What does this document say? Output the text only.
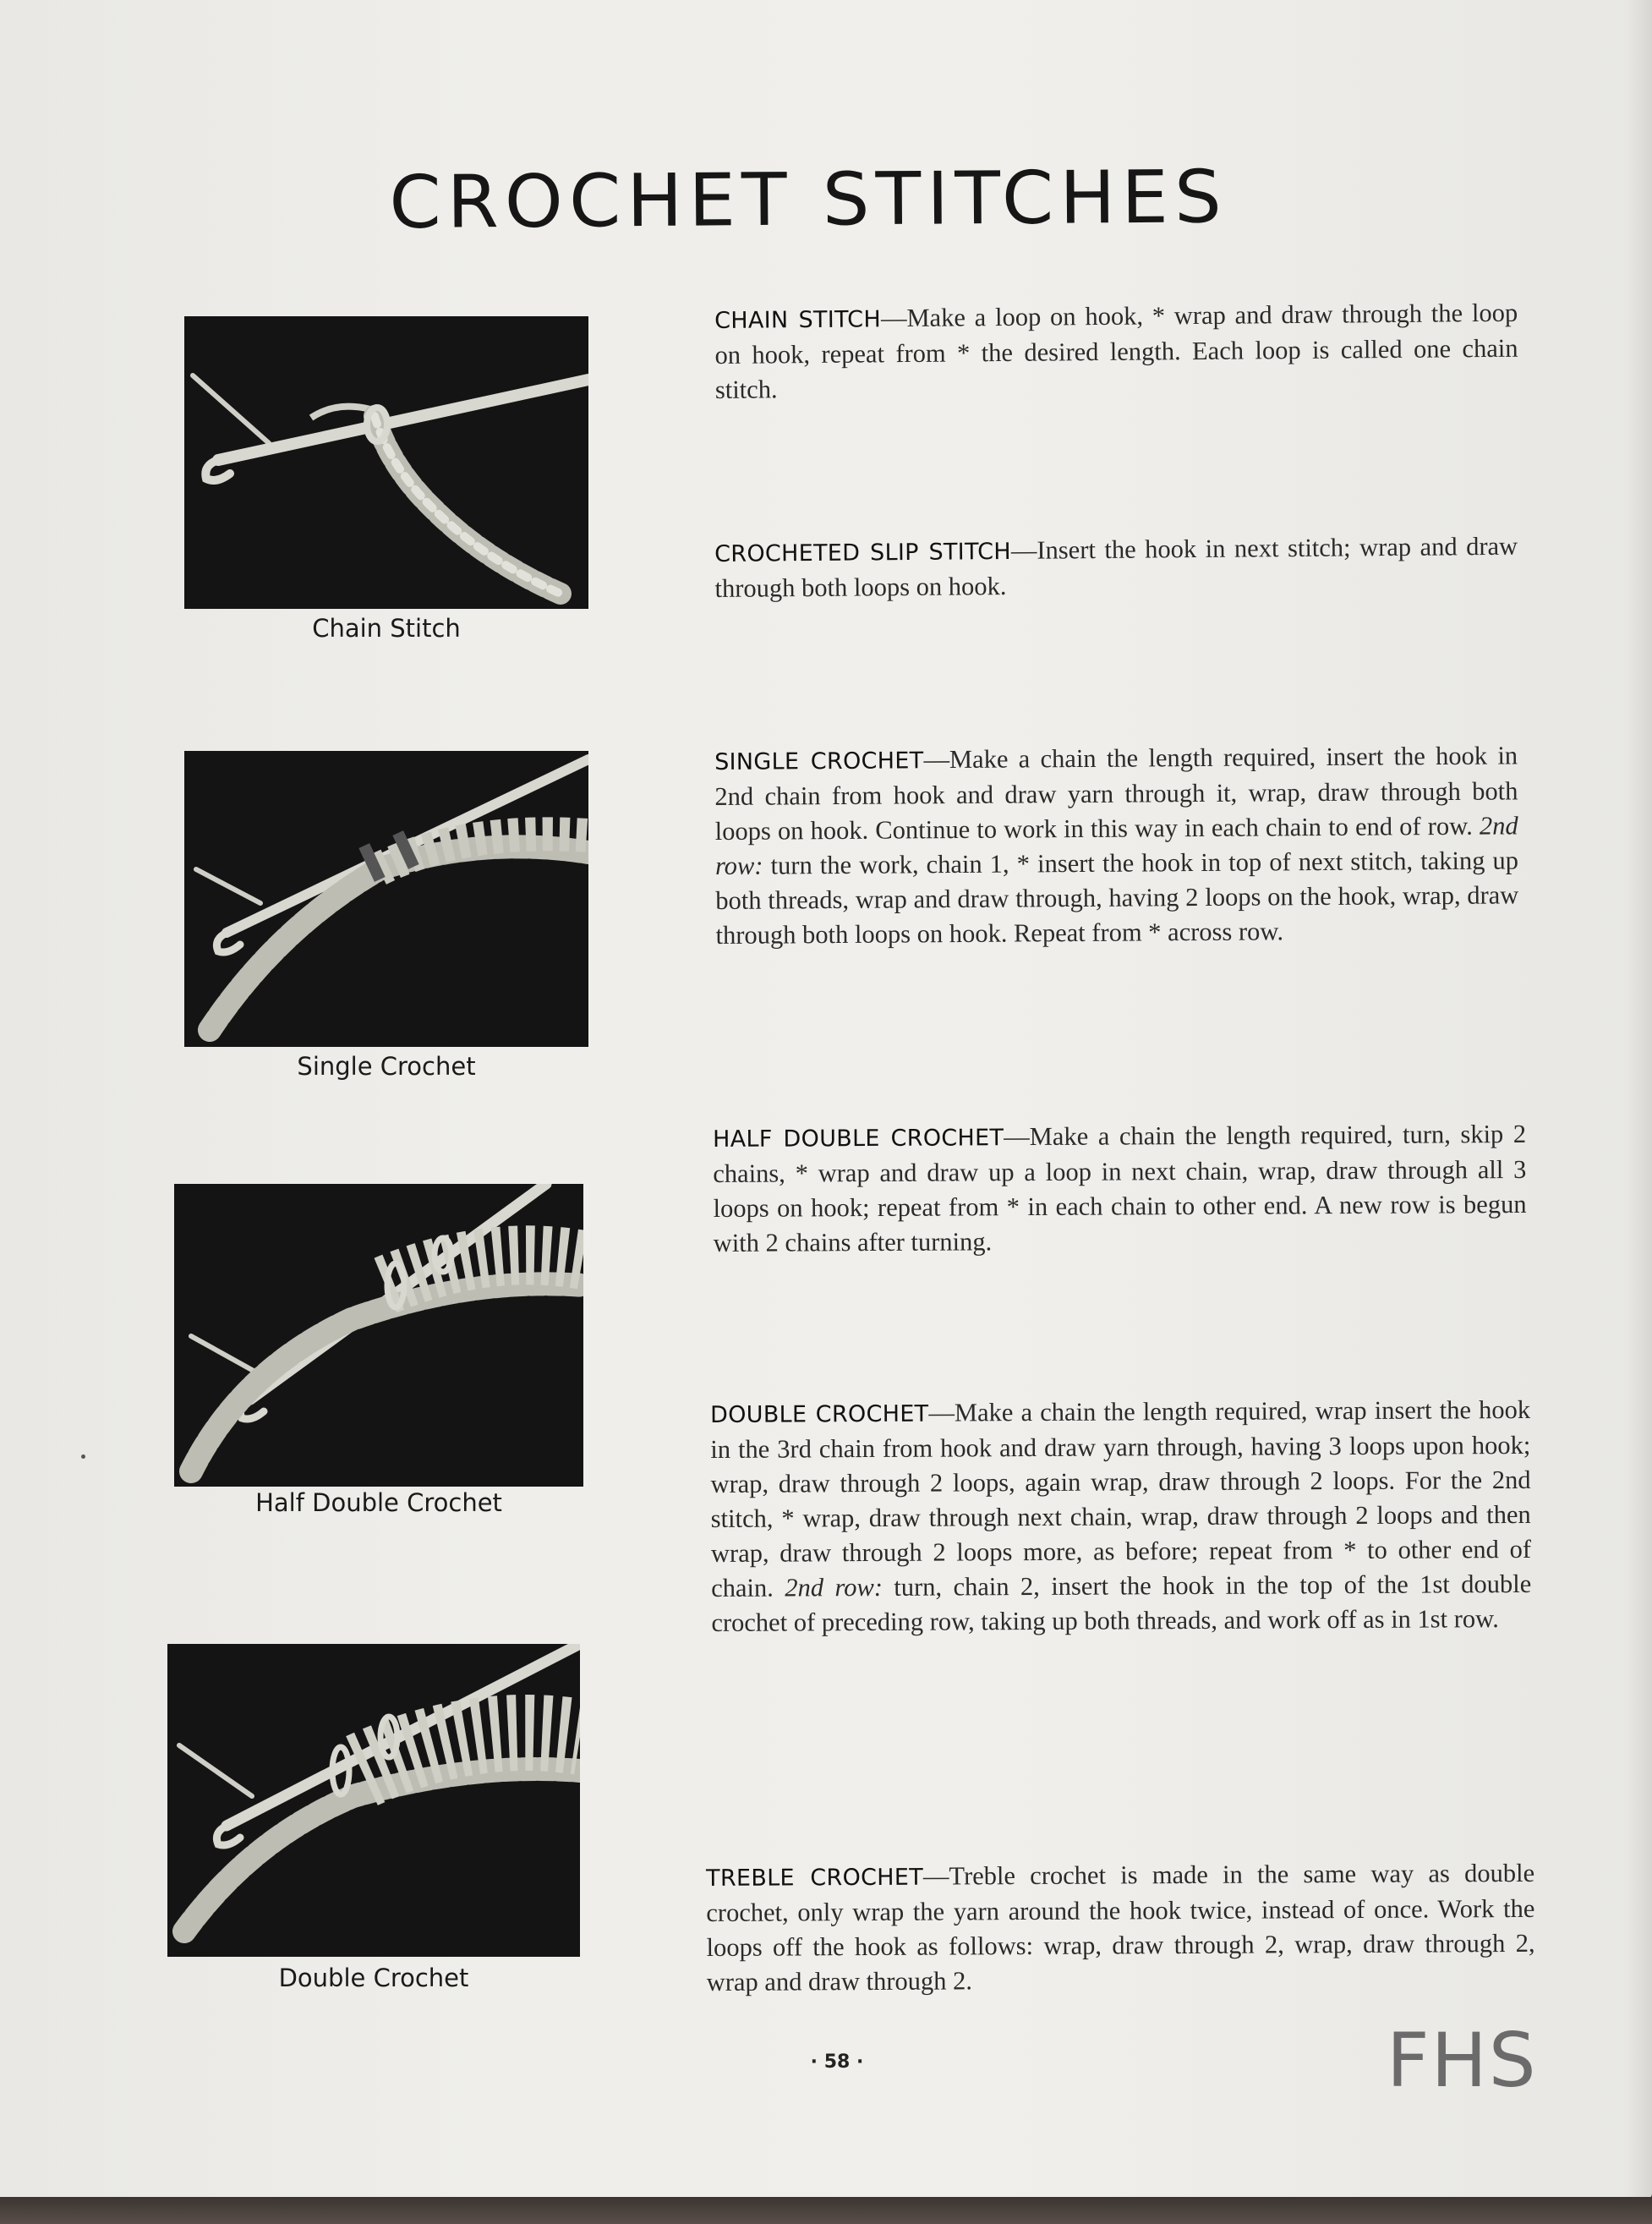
CROCHET STITCHES
Chain Stitch
Single Crochet
Half Double Crochet
Double Crochet

CHAIN STITCH—Make a loop on hook, * wrap and draw through the loop on hook, repeat from * the desired length. Each loop is called one chain stitch.

CROCHETED SLIP STITCH—Insert the hook in next stitch; wrap and draw through both loops on hook.

SINGLE CROCHET—Make a chain the length required, insert the hook in 2nd chain from hook and draw yarn through it, wrap, draw through both loops on hook. Continue to work in this way in each chain to end of row. 2nd row: turn the work, chain 1, * insert the hook in top of next stitch, taking up both threads, wrap and draw through, having 2 loops on the hook, wrap, draw through both loops on hook. Repeat from * across row.

HALF DOUBLE CROCHET—Make a chain the length required, turn, skip 2 chains, * wrap and draw up a loop in next chain, wrap, draw through all 3 loops on hook; repeat from * in each chain to other end. A new row is begun with 2 chains after turning.

DOUBLE CROCHET—Make a chain the length required, wrap insert the hook in the 3rd chain from hook and draw yarn through, having 3 loops upon hook; wrap, draw through 2 loops, again wrap, draw through 2 loops. For the 2nd stitch, * wrap, draw through next chain, wrap, draw through 2 loops and then wrap, draw through 2 loops more, as before; repeat from * to other end of chain. 2nd row: turn, chain 2, insert the hook in the top of the 1st double crochet of preceding row, taking up both threads, and work off as in 1st row.

TREBLE CROCHET—Treble crochet is made in the same way as double crochet, only wrap the yarn around the hook twice, instead of once. Work the loops off the hook as follows: wrap, draw through 2, wrap, draw through 2, wrap and draw through 2.

· 58 ·	FHS
